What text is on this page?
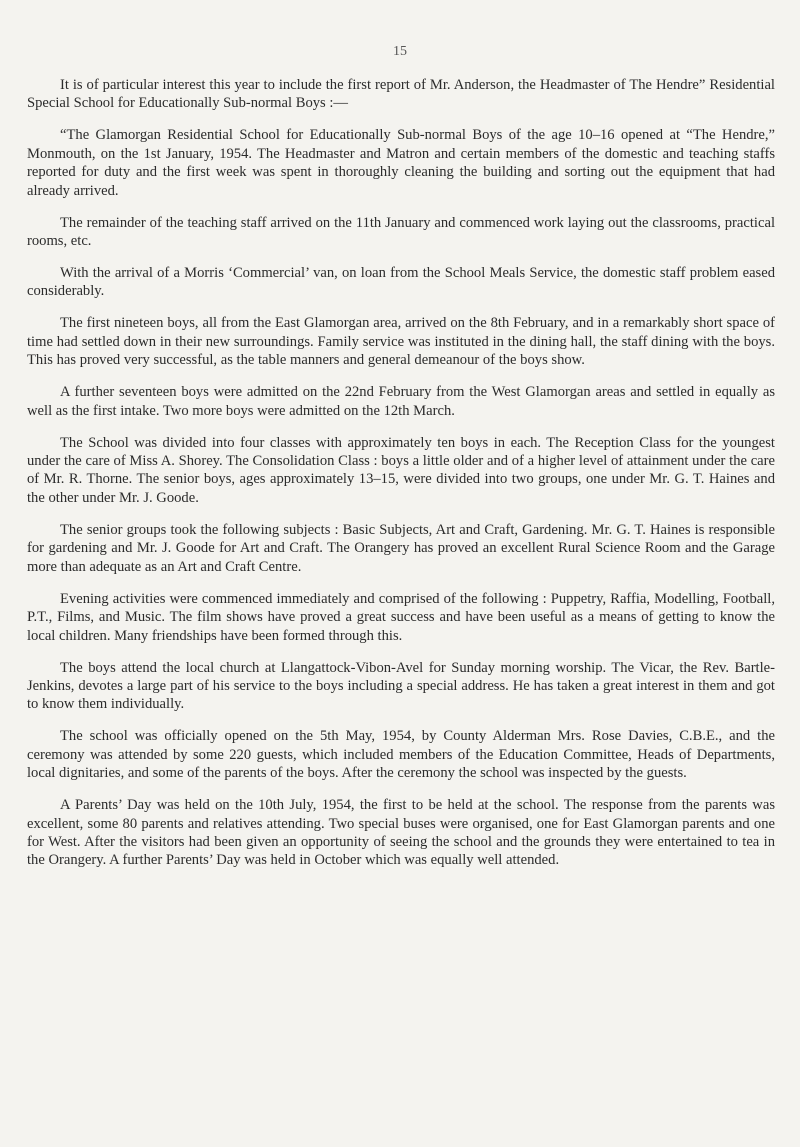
15

It is of particular interest this year to include the first report of Mr. Anderson, the Headmaster of The Hendre” Residential Special School for Educationally Sub-normal Boys :—

“The Glamorgan Residential School for Educationally Sub-normal Boys of the age 10–16 opened at “The Hendre,” Monmouth, on the 1st January, 1954. The Headmaster and Matron and certain members of the domestic and teaching staffs reported for duty and the first week was spent in thoroughly cleaning the building and sorting out the equipment that had already arrived.

The remainder of the teaching staff arrived on the 11th January and commenced work laying out the classrooms, practical rooms, etc.

With the arrival of a Morris ‘Commercial’ van, on loan from the School Meals Service, the domestic staff problem eased considerably.

The first nineteen boys, all from the East Glamorgan area, arrived on the 8th February, and in a remarkably short space of time had settled down in their new surroundings. Family service was instituted in the dining hall, the staff dining with the boys. This has proved very successful, as the table manners and general demeanour of the boys show.

A further seventeen boys were admitted on the 22nd February from the West Glamorgan areas and settled in equally as well as the first intake. Two more boys were admitted on the 12th March.

The School was divided into four classes with approximately ten boys in each. The Reception Class for the youngest under the care of Miss A. Shorey. The Consolidation Class : boys a little older and of a higher level of attainment under the care of Mr. R. Thorne. The senior boys, ages approximately 13–15, were divided into two groups, one under Mr. G. T. Haines and the other under Mr. J. Goode.

The senior groups took the following subjects : Basic Subjects, Art and Craft, Gardening. Mr. G. T. Haines is responsible for gardening and Mr. J. Goode for Art and Craft. The Orangery has proved an excellent Rural Science Room and the Garage more than adequate as an Art and Craft Centre.

Evening activities were commenced immediately and comprised of the following : Puppetry, Raffia, Modelling, Football, P.T., Films, and Music. The film shows have proved a great success and have been useful as a means of getting to know the local children. Many friendships have been formed through this.

The boys attend the local church at Llangattock-Vibon-Avel for Sunday morning worship. The Vicar, the Rev. Bartle-Jenkins, devotes a large part of his service to the boys including a special address. He has taken a great interest in them and got to know them individually.

The school was officially opened on the 5th May, 1954, by County Alderman Mrs. Rose Davies, C.B.E., and the ceremony was attended by some 220 guests, which included members of the Education Committee, Heads of Departments, local dignitaries, and some of the parents of the boys. After the ceremony the school was inspected by the guests.

A Parents’ Day was held on the 10th July, 1954, the first to be held at the school. The response from the parents was excellent, some 80 parents and relatives attending. Two special buses were organised, one for East Glamorgan parents and one for West. After the visitors had been given an opportunity of seeing the school and the grounds they were entertained to tea in the Orangery. A further Parents’ Day was held in October which was equally well attended.
